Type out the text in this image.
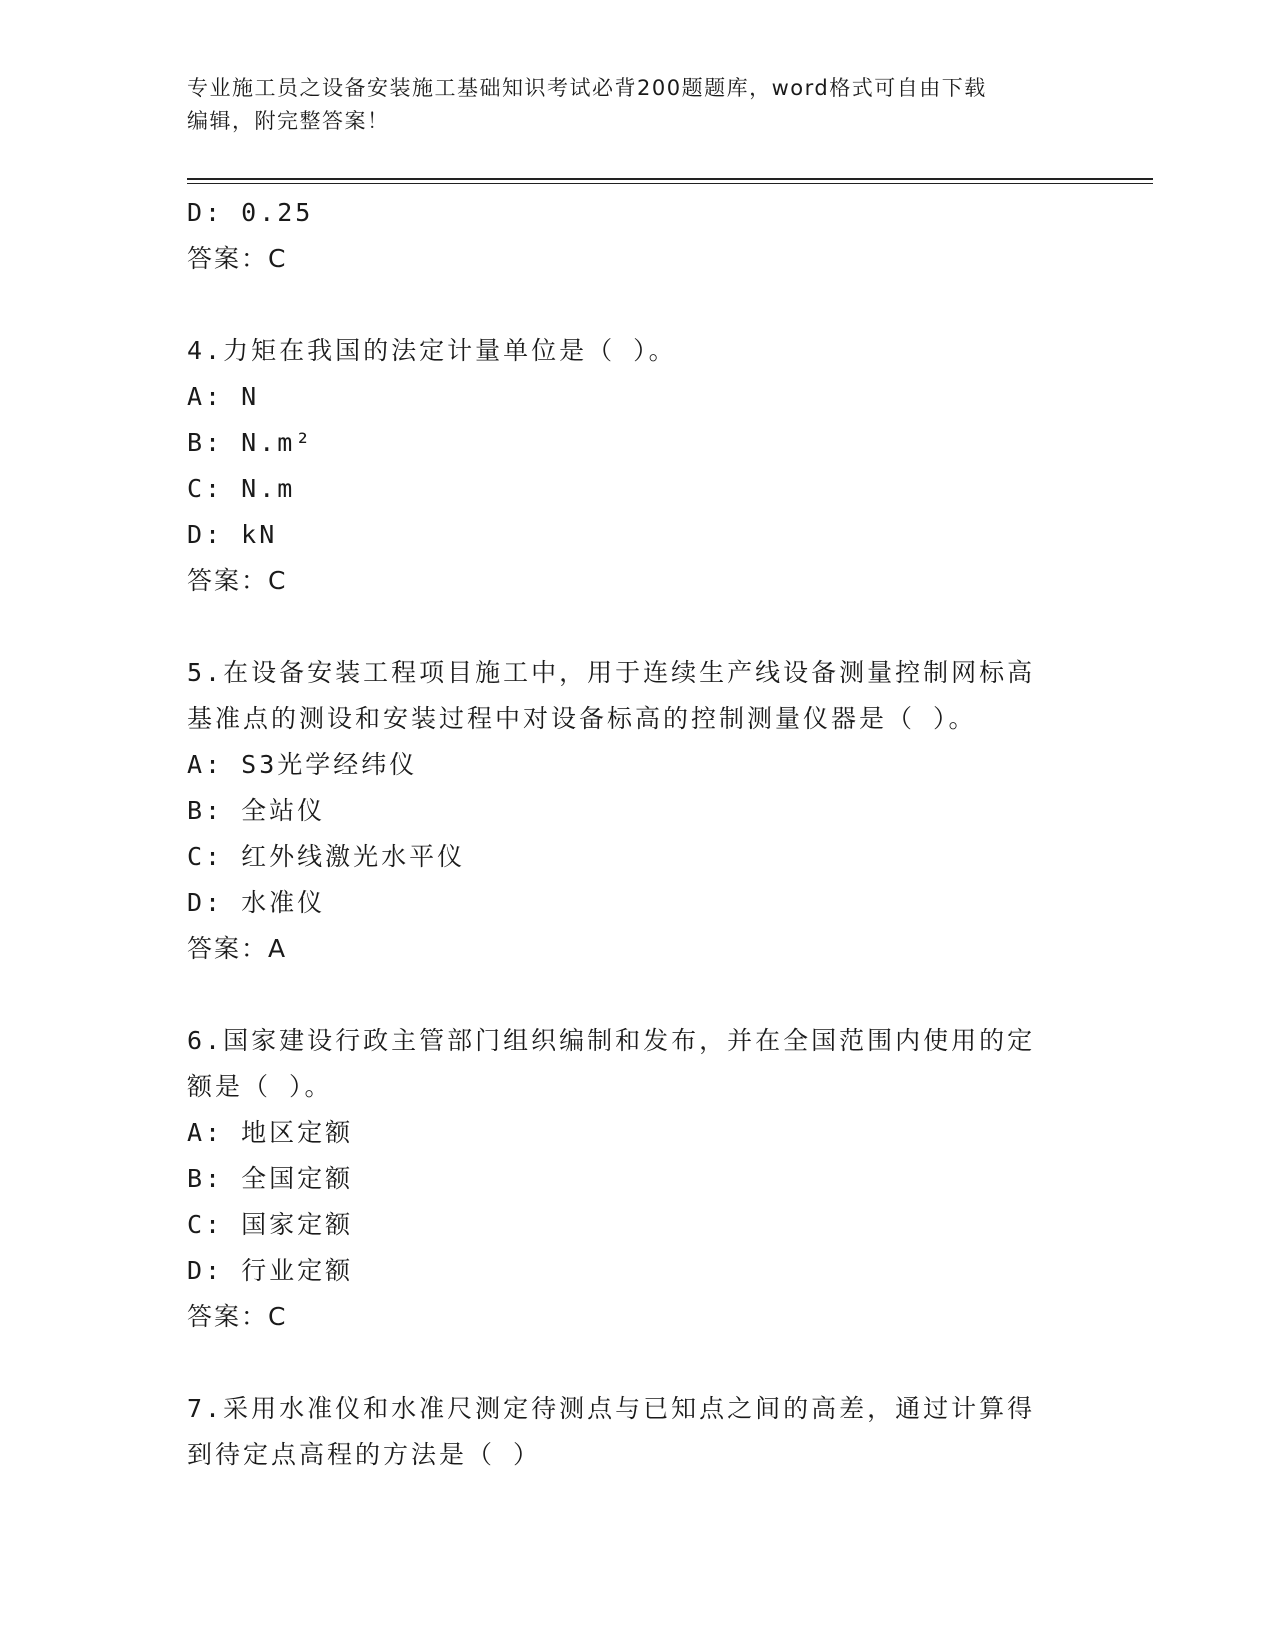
专业施工员之设备安装施工基础知识考试必背200题题库，word格式可自由下载
编辑，附完整答案！
D: 0.25
答案：C
4.力矩在我国的法定计量单位是（ ）。
A: N
B: N.m²
C: N.m
D: kN
答案：C
5.在设备安装工程项目施工中，用于连续生产线设备测量控制网标高
基准点的测设和安装过程中对设备标高的控制测量仪器是（ ）。
A: S3光学经纬仪
B: 全站仪
C: 红外线激光水平仪
D: 水准仪
答案：A
6.国家建设行政主管部门组织编制和发布，并在全国范围内使用的定
额是（ ）。
A: 地区定额
B: 全国定额
C: 国家定额
D: 行业定额
答案：C
7.采用水准仪和水准尺测定待测点与已知点之间的高差，通过计算得
到待定点高程的方法是（ ）
